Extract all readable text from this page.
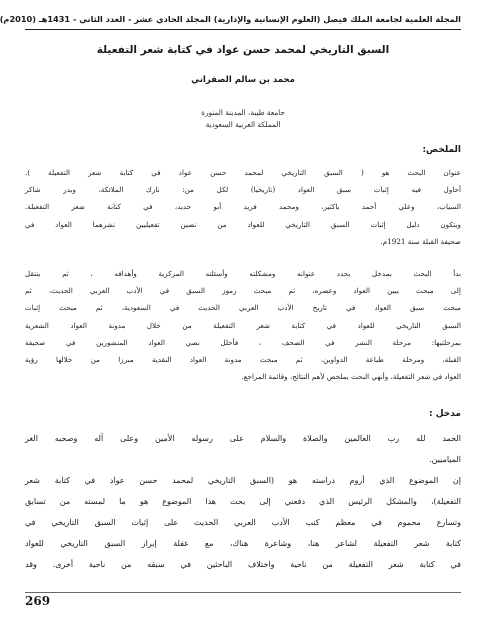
المجلة العلمية لجامعة الملك فيصل (العلوم الإنسانية والإدارية) المجلد الحادي عشر - العدد الثاني - 1431هـ (2010م)
السبق التاريخي لمحمد حسن عواد في كتابة شعر التفعيلة
محمد بن سالم الصفراني
جامعة طيبة، المدينة المنورة
المملكة العربية السعودية
الملخص:
عنوان البحث هو ( السبق التاريخي لمحمد حسن عواد في كتابة شعر التفعيلة ).
أحاول فيه إثبات سبق العواد (تاريخيا) لكل من: نازك الملائكة، وبدر شاكر
السياب، وعلي أحمد باكثير، ومحمد فريد أبو حديد، في كتابة شعر التفعيلة.
ويتكون دليل إثبات السبق التاريخي للعواد من نصين تفعيليين نشرهما العواد في
صحيفة القبلة سنة 1921م.
بدأ البحث بمدخل يحدد عنوانه ومشكلته وأسئلته المركزية وأهدافه ، ثم ينتقل
إلى مبحث يبين العواد وعصره، ثم مبحث رموز السبق في الأدب العربي الحديث، ثم
مبحث سبق العواد في تاريخ الأدب العربي الحديث في السعودية، ثم مبحث إثبات
السبق التاريخي للعواد في كتابة شعر التفعيلة من خلال مدونة العواد الشعرية
بمرحلتيها: مرحلة النشر في الصحف ، فأحلل نصي العواد المنشورين في صحيفة
القبلة، ومرحلة طباعة الدواوين، ثم مبحث مدونة العواد النقدية مبرزا من خلالها رؤية
العواد في شعر التفعيلة، وأنهي البحث بملخص لأهم النتائج، وقائمة المراجع.
مدخل :
الحمد لله رب العالمين والصلاة والسلام على رسوله الأمين وعلى آله وصحبه الغر
المياميين.
إن الموضوع الذي أروم دراسته هو (السبق التاريخي لمحمد حسن عواد في كتابة شعر
التفعيلة)، والمشكل الرئيس الذي دفعني إلى بحث هذا الموضوع هو ما لمسته من تسابق
وتسارع محموم في معظم كتب الأدب العربي الحديث على إثبات السبق التاريخي في
كتابة شعر التفعيلة لشاعر هنا، وشاعرة هناك، مع غفلة إبراز السبق التاريخي للعواد
في كتابة شعر التفعيلة من ناحية واختلاف الباحثين في سبقه من ناحية أخرى. وقد
269
